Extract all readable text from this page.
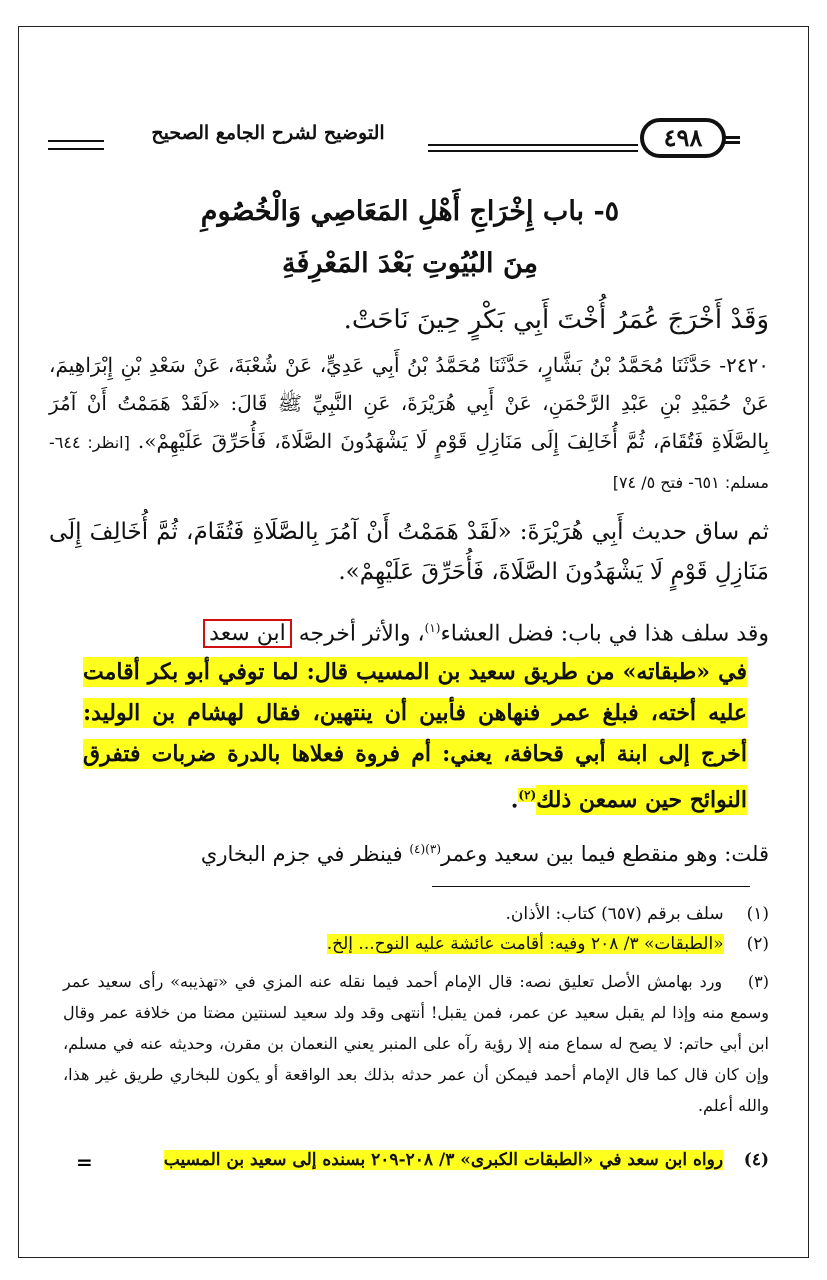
التوضيح لشرح الجامع الصحيح	٤٩٨
٥- باب إِخْرَاجِ أَهْلِ المَعَاصِي وَالْخُصُومِ
مِنَ البُيُوتِ بَعْدَ المَعْرِفَةِ
وَقَدْ أَخْرَجَ عُمَرُ أُخْتَ أَبِي بَكْرٍ حِينَ نَاحَتْ.
٢٤٢٠- حَدَّثَنَا مُحَمَّدُ بْنُ بَشَّارٍ، حَدَّثَنَا مُحَمَّدُ بْنُ أَبِي عَدِيٍّ، عَنْ شُعْبَةَ، عَنْ سَعْدِ بْنِ إِبْرَاهِيمَ، عَنْ حُمَيْدِ بْنِ عَبْدِ الرَّحْمَنِ، عَنْ أَبِي هُرَيْرَةَ، عَنِ النَّبِيِّ ﷺ قَالَ: «لَقَدْ هَمَمْتُ أَنْ آمُرَ بِالصَّلَاةِ فَتُقَامَ، ثُمَّ أُخَالِفَ إِلَى مَنَازِلِ قَوْمٍ لَا يَشْهَدُونَ الصَّلَاةَ، فَأُحَرِّقَ عَلَيْهِمْ». [انظر: ٦٤٤- مسلم: ٦٥١- فتح ٥/ ٧٤]
ثم ساق حديث أَبِي هُرَيْرَةَ: «لَقَدْ هَمَمْتُ أَنْ آمُرَ بِالصَّلَاةِ فَتُقَامَ، ثُمَّ أُخَالِفَ إِلَى مَنَازِلِ قَوْمٍ لَا يَشْهَدُونَ الصَّلَاةَ، فَأُحَرِّقَ عَلَيْهِمْ».
وقد سلف هذا في باب: فضل العشاء$^{(١)}$، والأثر أخرجه ابن سعد
في «طبقاته» من طريق سعيد بن المسيب قال: لما توفي أبو بكر أقامت عليه أخته، فبلغ عمر فنهاهن فأبين أن ينتهين، فقال لهشام بن الوليد: أخرج إلى ابنة أبي قحافة، يعني: أم فروة فعلاها بالدرة ضربات فتفرق النوائح حين سمعن ذلك$^{(٢)}$.
قلت: وهو منقطع فيما بين سعيد وعمر$^{(٣)(٤)}$ فينظر في جزم البخاري
(١) سلف برقم (٦٥٧) كتاب: الأذان.
(٢) «الطبقات» ٣/ ٢٠٨ وفيه: أقامت عائشة عليه النوح... إلخ.
(٣) ورد بهامش الأصل تعليق نصه: قال الإمام أحمد فيما نقله عنه المزي في «تهذيبه» رأى سعيد عمر وسمع منه وإذا لم يقبل سعيد عن عمر، فمن يقبل! أنتهى وقد ولد سعيد لسنتين مضتا من خلافة عمر وقال ابن أبي حاتم: لا يصح له سماع منه إلا رؤية رآه على المنبر يعني النعمان بن مقرن، وحديثه عنه في مسلم، وإن كان قال كما قال الإمام أحمد فيمكن أن عمر حدثه بذلك بعد الواقعة أو يكون للبخاري طريق غير هذا، والله أعلم.
(٤) رواه ابن سعد في «الطبقات الكبرى» ٣/ ٢٠٨-٢٠٩ بسنده إلى سعيد بن المسيب
=
